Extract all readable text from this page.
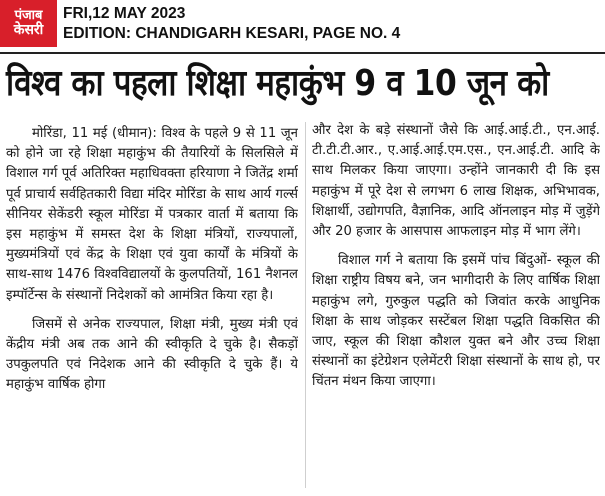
पंजाब
केसरी
FRI,12 MAY 2023
EDITION: CHANDIGARH KESARI, PAGE NO. 4
विश्व का पहला शिक्षा महाकुंभ 9 व 10 जून को

मोरिंडा, 11 मई (धीमान): विश्व के पहले 9 से 11 जून को होने जा रहे शिक्षा महाकुंभ की तैयारियों के सिलसिले में विशाल गर्ग पूर्व अतिरिक्त महाधिवक्ता हरियाणा ने जितेंद्र शर्मा पूर्व प्राचार्य सर्वहितकारी विद्या मंदिर मोरिंडा के साथ आर्य गर्ल्स सीनियर सेकेंडरी स्कूल मोरिंडा में पत्रकार वार्ता में बताया कि इस महाकुंभ में समस्त देश के शिक्षा मंत्रियों, राज्यपालों, मुख्यमंत्रियों एवं केंद्र के शिक्षा एवं युवा कार्यों के मंत्रियों के साथ-साथ 1476 विश्वविद्यालयों के कुलपतियों, 161 नैशनल इम्पॉर्टेन्स के संस्थानों निदेशकों को आमंत्रित किया रहा है।

जिसमें से अनेक राज्यपाल, शिक्षा मंत्री, मुख्य मंत्री एवं केंद्रीय मंत्री अब तक आने की स्वीकृति दे चुके है। सैकड़ों उपकुलपति एवं निदेशक आने की स्वीकृति दे चुके हैं। ये महाकुंभ वार्षिक होगा

और देश के बड़े संस्थानों जैसे कि आई.आई.टी., एन.आई. टी.टी.टी.आर., ए.आई.आई.एम.एस., एन.आई.टी. आदि के साथ मिलकर किया जाएगा। उन्होंने जानकारी दी कि इस महाकुंभ में पूरे देश से लगभग 6 लाख शिक्षक, अभिभावक, शिक्षार्थी, उद्योगपति, वैज्ञानिक, आदि ऑनलाइन मोड़ में जुड़ेंगे और 20 हजार के आसपास आफलाइन मोड़ में भाग लेंगे।

विशाल गर्ग ने बताया कि इसमें पांच बिंदुओं- स्कूल की शिक्षा राष्ट्रीय विषय बने, जन भागीदारी के लिए वार्षिक शिक्षा महाकुंभ लगे, गुरुकुल पद्धति को जिवांत करके आधुनिक शिक्षा के साथ जोड़कर सस्टेंबल शिक्षा पद्धति विकसित की जाए, स्कूल की शिक्षा कौशल युक्त बने और उच्च शिक्षा संस्थानों का इंटेग्रेशन एलेमेंटरी शिक्षा संस्थानों के साथ हो, पर चिंतन मंथन किया जाएगा।
